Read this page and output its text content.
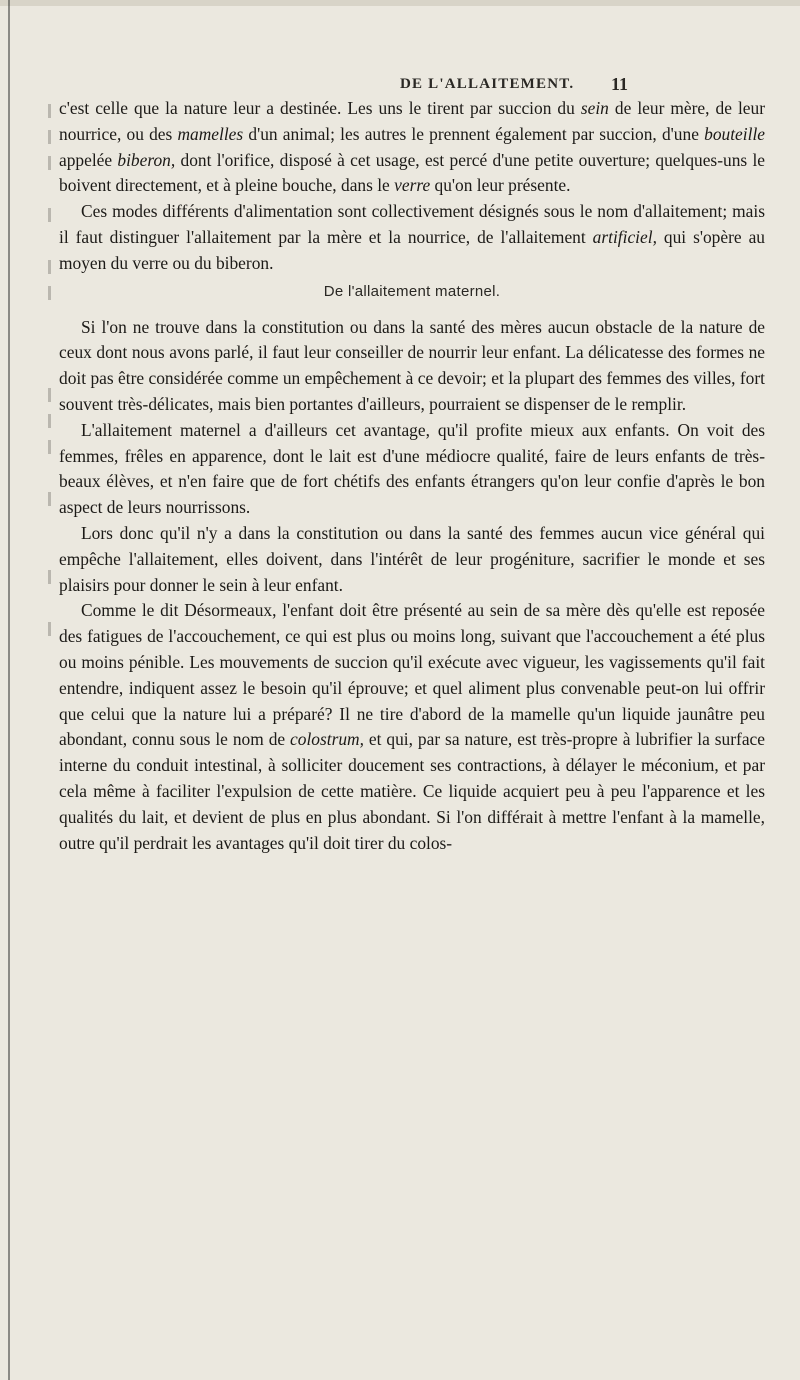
DE L'ALLAITEMENT. 11

c'est celle que la nature leur a destinée. Les uns le tirent par succion du sein de leur mère, de leur nourrice, ou des mamelles d'un animal; les autres le prennent également par succion, d'une bouteille appelée biberon, dont l'orifice, disposé à cet usage, est percé d'une petite ouverture; quelques-uns le boivent directement, et à pleine bouche, dans le verre qu'on leur présente.

Ces modes différents d'alimentation sont collectivement désignés sous le nom d'allaitement; mais il faut distinguer l'allaitement par la mère et la nourrice, de l'allaitement artificiel, qui s'opère au moyen du verre ou du biberon.

De l'allaitement maternel.

Si l'on ne trouve dans la constitution ou dans la santé des mères aucun obstacle de la nature de ceux dont nous avons parlé, il faut leur conseiller de nourrir leur enfant. La délicatesse des formes ne doit pas être considérée comme un empêchement à ce devoir; et la plupart des femmes des villes, fort souvent très-délicates, mais bien portantes d'ailleurs, pourraient se dispenser de le remplir.

L'allaitement maternel a d'ailleurs cet avantage, qu'il profite mieux aux enfants. On voit des femmes, frêles en apparence, dont le lait est d'une médiocre qualité, faire de leurs enfants de très-beaux élèves, et n'en faire que de fort chétifs des enfants étrangers qu'on leur confie d'après le bon aspect de leurs nourrissons.

Lors donc qu'il n'y a dans la constitution ou dans la santé des femmes aucun vice général qui empêche l'allaitement, elles doivent, dans l'intérêt de leur progéniture, sacrifier le monde et ses plaisirs pour donner le sein à leur enfant.

Comme le dit Désormeaux, l'enfant doit être présenté au sein de sa mère dès qu'elle est reposée des fatigues de l'accouchement, ce qui est plus ou moins long, suivant que l'accouchement a été plus ou moins pénible. Les mouvements de succion qu'il exécute avec vigueur, les vagissements qu'il fait entendre, indiquent assez le besoin qu'il éprouve; et quel aliment plus convenable peut-on lui offrir que celui que la nature lui a préparé? Il ne tire d'abord de la mamelle qu'un liquide jaunâtre peu abondant, connu sous le nom de colostrum, et qui, par sa nature, est très-propre à lubrifier la surface interne du conduit intestinal, à solliciter doucement ses contractions, à délayer le méconium, et par cela même à faciliter l'expulsion de cette matière. Ce liquide acquiert peu à peu l'apparence et les qualités du lait, et devient de plus en plus abondant. Si l'on différait à mettre l'enfant à la mamelle, outre qu'il perdrait les avantages qu'il doit tirer du colos-
